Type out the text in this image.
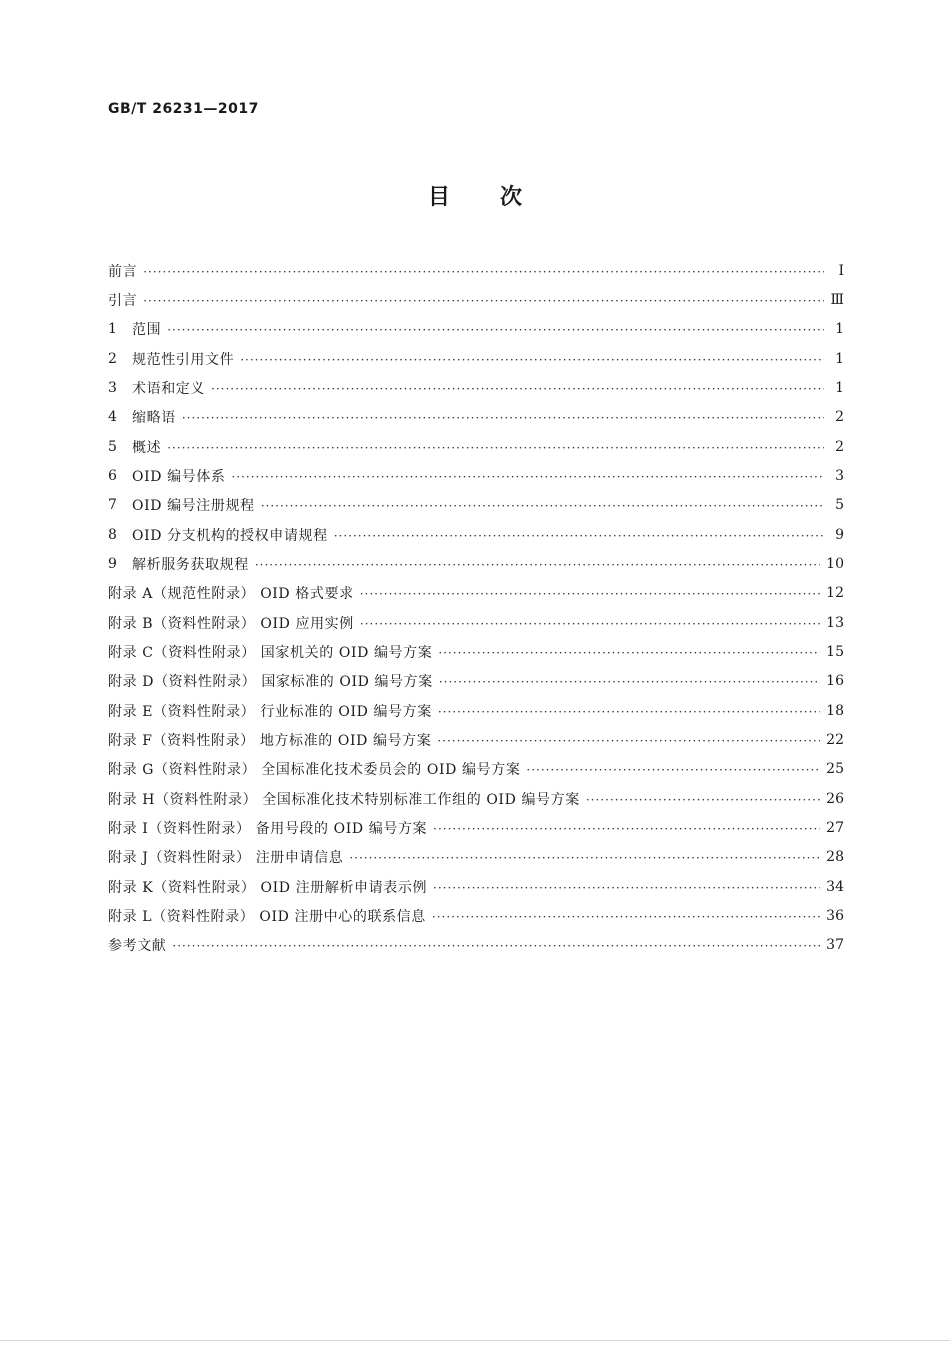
GB/T 26231—2017
目次
前言 ·····	Ⅰ
引言 ·····	Ⅲ
1	范围 ·····	1
2	规范性引用文件 ·····	1
3	术语和定义 ·····	1
4	缩略语 ·····	2
5	概述 ·····	2
6	OID 编号体系 ·····	3
7	OID 编号注册规程 ·····	5
8	OID 分支机构的授权申请规程 ·····	9
9	解析服务获取规程 ·····	10
附录 A（规范性附录） OID 格式要求 ·····	12
附录 B（资料性附录） OID 应用实例 ·····	13
附录 C（资料性附录） 国家机关的 OID 编号方案 ·····	15
附录 D（资料性附录） 国家标准的 OID 编号方案 ·····	16
附录 E（资料性附录） 行业标准的 OID 编号方案 ·····	18
附录 F（资料性附录） 地方标准的 OID 编号方案 ·····	22
附录 G（资料性附录） 全国标准化技术委员会的 OID 编号方案 ·····	25
附录 H（资料性附录） 全国标准化技术特别标准工作组的 OID 编号方案 ·····	26
附录 I（资料性附录） 备用号段的 OID 编号方案 ·····	27
附录 J（资料性附录） 注册申请信息 ·····	28
附录 K（资料性附录） OID 注册解析申请表示例 ·····	34
附录 L（资料性附录） OID 注册中心的联系信息 ·····	36
参考文献 ·····	37
